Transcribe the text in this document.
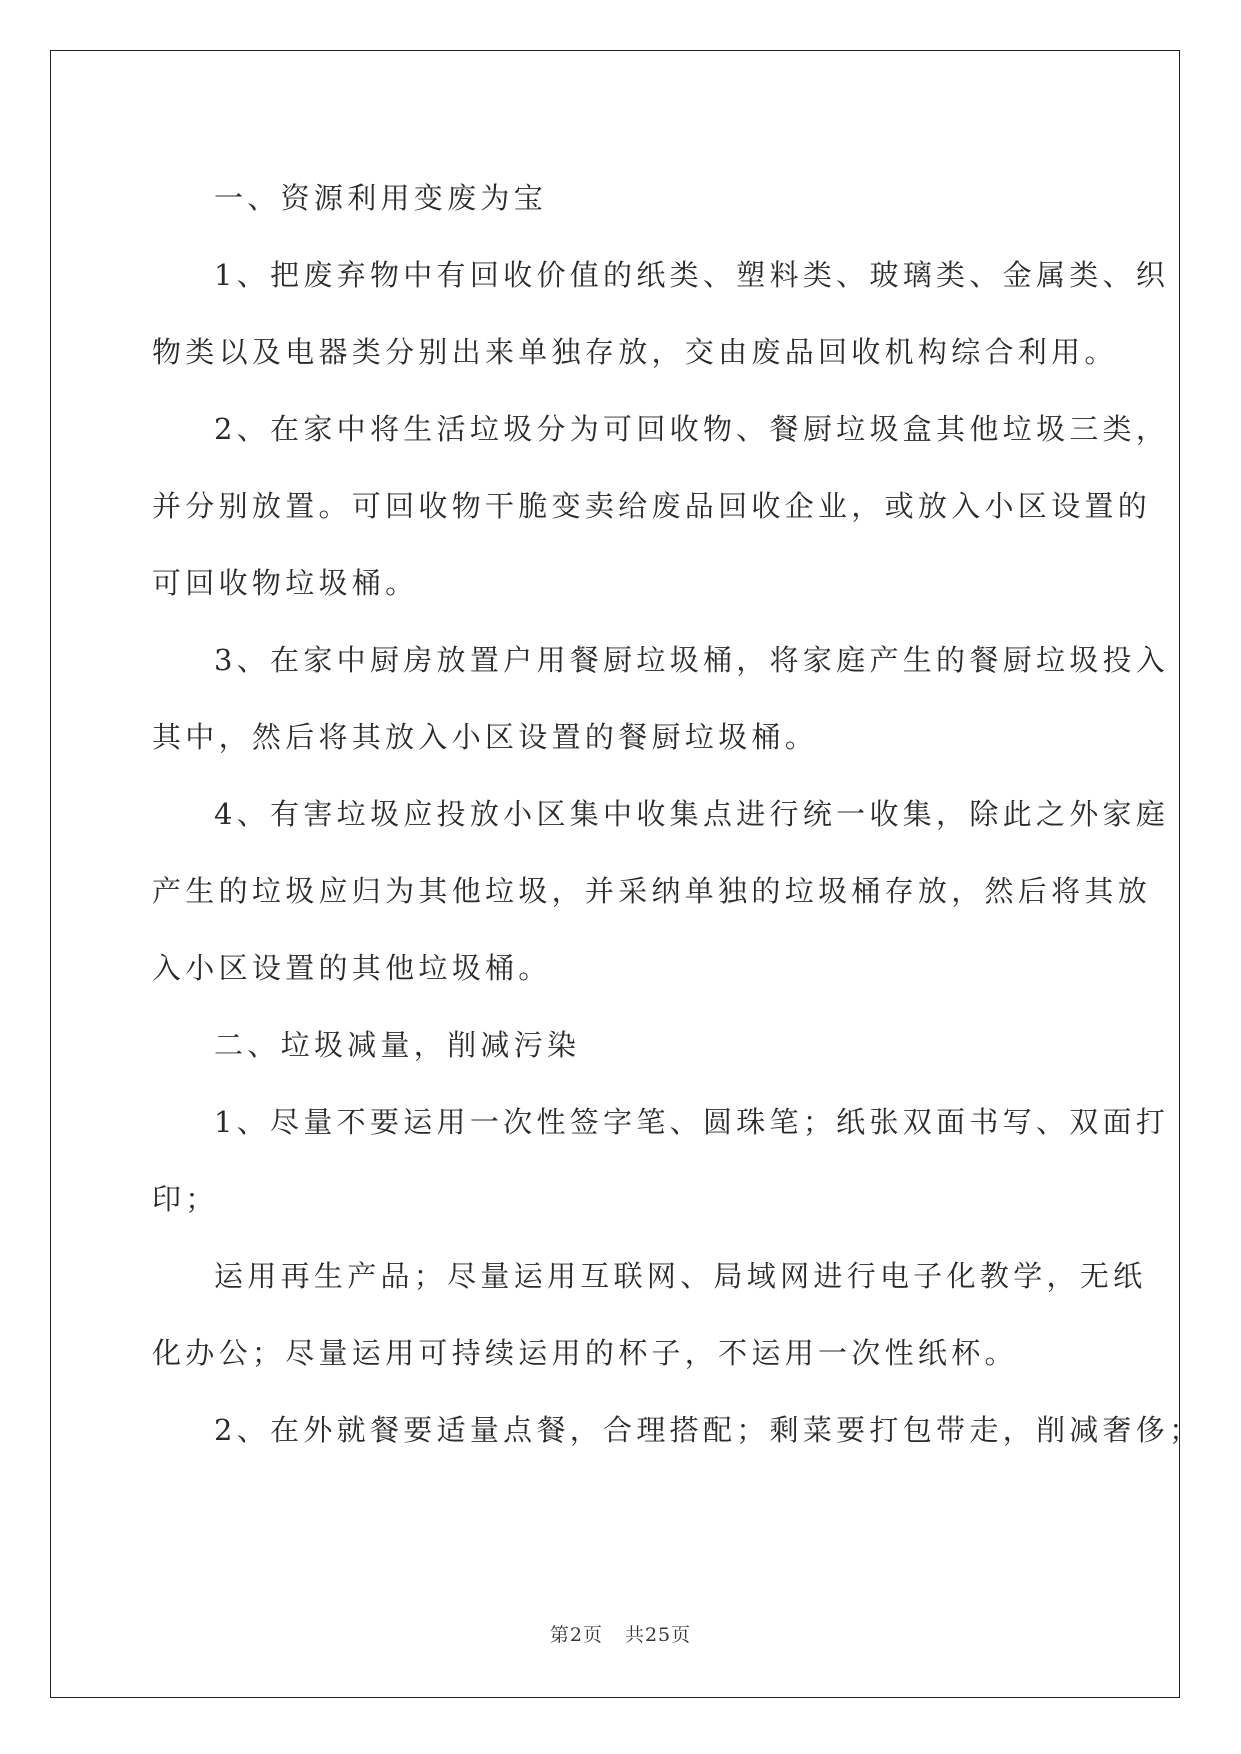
一、资源利用变废为宝
1、把废弃物中有回收价值的纸类、塑料类、玻璃类、金属类、织
物类以及电器类分别出来单独存放，交由废品回收机构综合利用。
2、在家中将生活垃圾分为可回收物、餐厨垃圾盒其他垃圾三类，
并分别放置。可回收物干脆变卖给废品回收企业，或放入小区设置的
可回收物垃圾桶。
3、在家中厨房放置户用餐厨垃圾桶，将家庭产生的餐厨垃圾投入
其中，然后将其放入小区设置的餐厨垃圾桶。
4、有害垃圾应投放小区集中收集点进行统一收集，除此之外家庭
产生的垃圾应归为其他垃圾，并采纳单独的垃圾桶存放，然后将其放
入小区设置的其他垃圾桶。
二、垃圾减量，削减污染
1、尽量不要运用一次性签字笔、圆珠笔；纸张双面书写、双面打
印；
运用再生产品；尽量运用互联网、局域网进行电子化教学，无纸
化办公；尽量运用可持续运用的杯子，不运用一次性纸杯。
2、在外就餐要适量点餐，合理搭配；剩菜要打包带走，削减奢侈；
第2页 共25页
